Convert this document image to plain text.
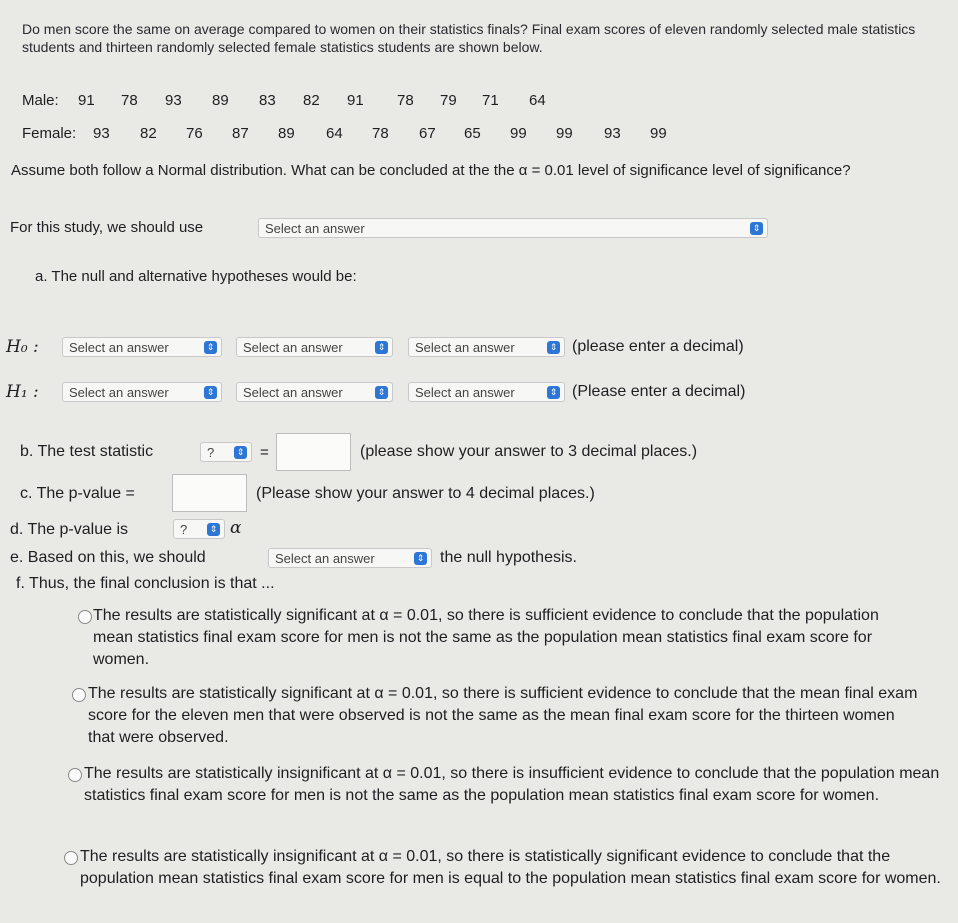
Do men score the same on average compared to women on their statistics finals? Final exam scores of eleven randomly selected male statistics students and thirteen randomly selected female statistics students are shown below.
Male: 91 78 93 89 83 82 91 78 79 71 64
Female: 93 82 76 87 89 64 78 67 65 99 99 93 99
Assume both follow a Normal distribution. What can be concluded at the the α = 0.01 level of significance level of significance?
For this study, we should use	Select an answer	⇕
a. The null and alternative hypotheses would be:
H₀ :	Select an answer	⇕	Select an answer	⇕	Select an answer	⇕ (please enter a decimal)
H₁ :	Select an answer	⇕	Select an answer	⇕	Select an answer	⇕ (Please enter a decimal)
b. The test statistic	?	⇕ =	(please show your answer to 3 decimal places.)
c. The p-value =	(Please show your answer to 4 decimal places.)
d. The p-value is	?	⇕ α
e. Based on this, we should	Select an answer	⇕ the null hypothesis.
f. Thus, the final conclusion is that ...
The results are statistically significant at α = 0.01, so there is sufficient evidence to conclude that the population mean statistics final exam score for men is not the same as the population mean statistics final exam score for women.
The results are statistically significant at α = 0.01, so there is sufficient evidence to conclude that the mean final exam score for the eleven men that were observed is not the same as the mean final exam score for the thirteen women that were observed.
The results are statistically insignificant at α = 0.01, so there is insufficient evidence to conclude that the population mean statistics final exam score for men is not the same as the population mean statistics final exam score for women.
The results are statistically insignificant at α = 0.01, so there is statistically significant evidence to conclude that the population mean statistics final exam score for men is equal to the population mean statistics final exam score for women.
